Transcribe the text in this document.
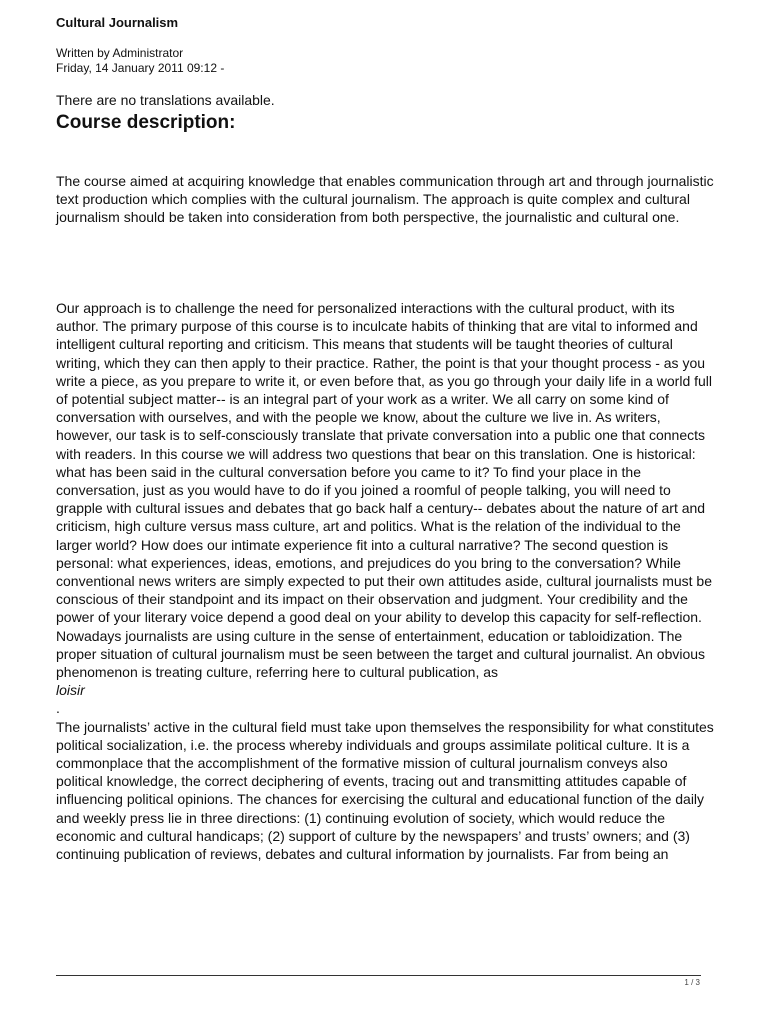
Cultural Journalism
Written by Administrator
Friday, 14 January 2011 09:12 -

There are no translations available.

Course description:

The course aimed at acquiring knowledge that enables communication through art and through journalistic text production which complies with the cultural journalism. The approach is quite complex and cultural journalism should be taken into consideration from both perspective, the journalistic and cultural one.

Our approach is to challenge the need for personalized interactions with the cultural product, with its author. The primary purpose of this course is to inculcate habits of thinking that are vital to informed and intelligent cultural reporting and criticism. This means that students will be taught theories of cultural writing, which they can then apply to their practice. Rather, the point is that your thought process - as you write a piece, as you prepare to write it, or even before that, as you go through your daily life in a world full of potential subject matter-- is an integral part of your work as a writer. We all carry on some kind of conversation with ourselves, and with the people we know, about the culture we live in. As writers, however, our task is to self-consciously translate that private conversation into a public one that connects with readers. In this course we will address two questions that bear on this translation. One is historical: what has been said in the cultural conversation before you came to it? To find your place in the conversation, just as you would have to do if you joined a roomful of people talking, you will need to grapple with cultural issues and debates that go back half a century-- debates about the nature of art and criticism, high culture versus mass culture, art and politics. What is the relation of the individual to the larger world? How does our intimate experience fit into a cultural narrative? The second question is personal: what experiences, ideas, emotions, and prejudices do you bring to the conversation? While conventional news writers are simply expected to put their own attitudes aside, cultural journalists must be conscious of their standpoint and its impact on their observation and judgment. Your credibility and the power of your literary voice depend a good deal on your ability to develop this capacity for self-reflection. Nowadays journalists are using culture in the sense of entertainment, education or tabloidization. The proper situation of cultural journalism must be seen between the target and cultural journalist. An obvious phenomenon is treating culture, referring here to cultural publication, as
loisir
.
The journalists’ active in the cultural field must take upon themselves the responsibility for what constitutes political socialization, i.e. the process whereby individuals and groups assimilate political culture. It is a commonplace that the accomplishment of the formative mission of cultural journalism conveys also political knowledge, the correct deciphering of events, tracing out and transmitting attitudes capable of influencing political opinions. The chances for exercising the cultural and educational function of the daily and weekly press lie in three directions: (1) continuing evolution of society, which would reduce the economic and cultural handicaps; (2) support of culture by the newspapers’ and trusts’ owners; and (3) continuing publication of reviews, debates and cultural information by journalists. Far from being an
1 / 3
